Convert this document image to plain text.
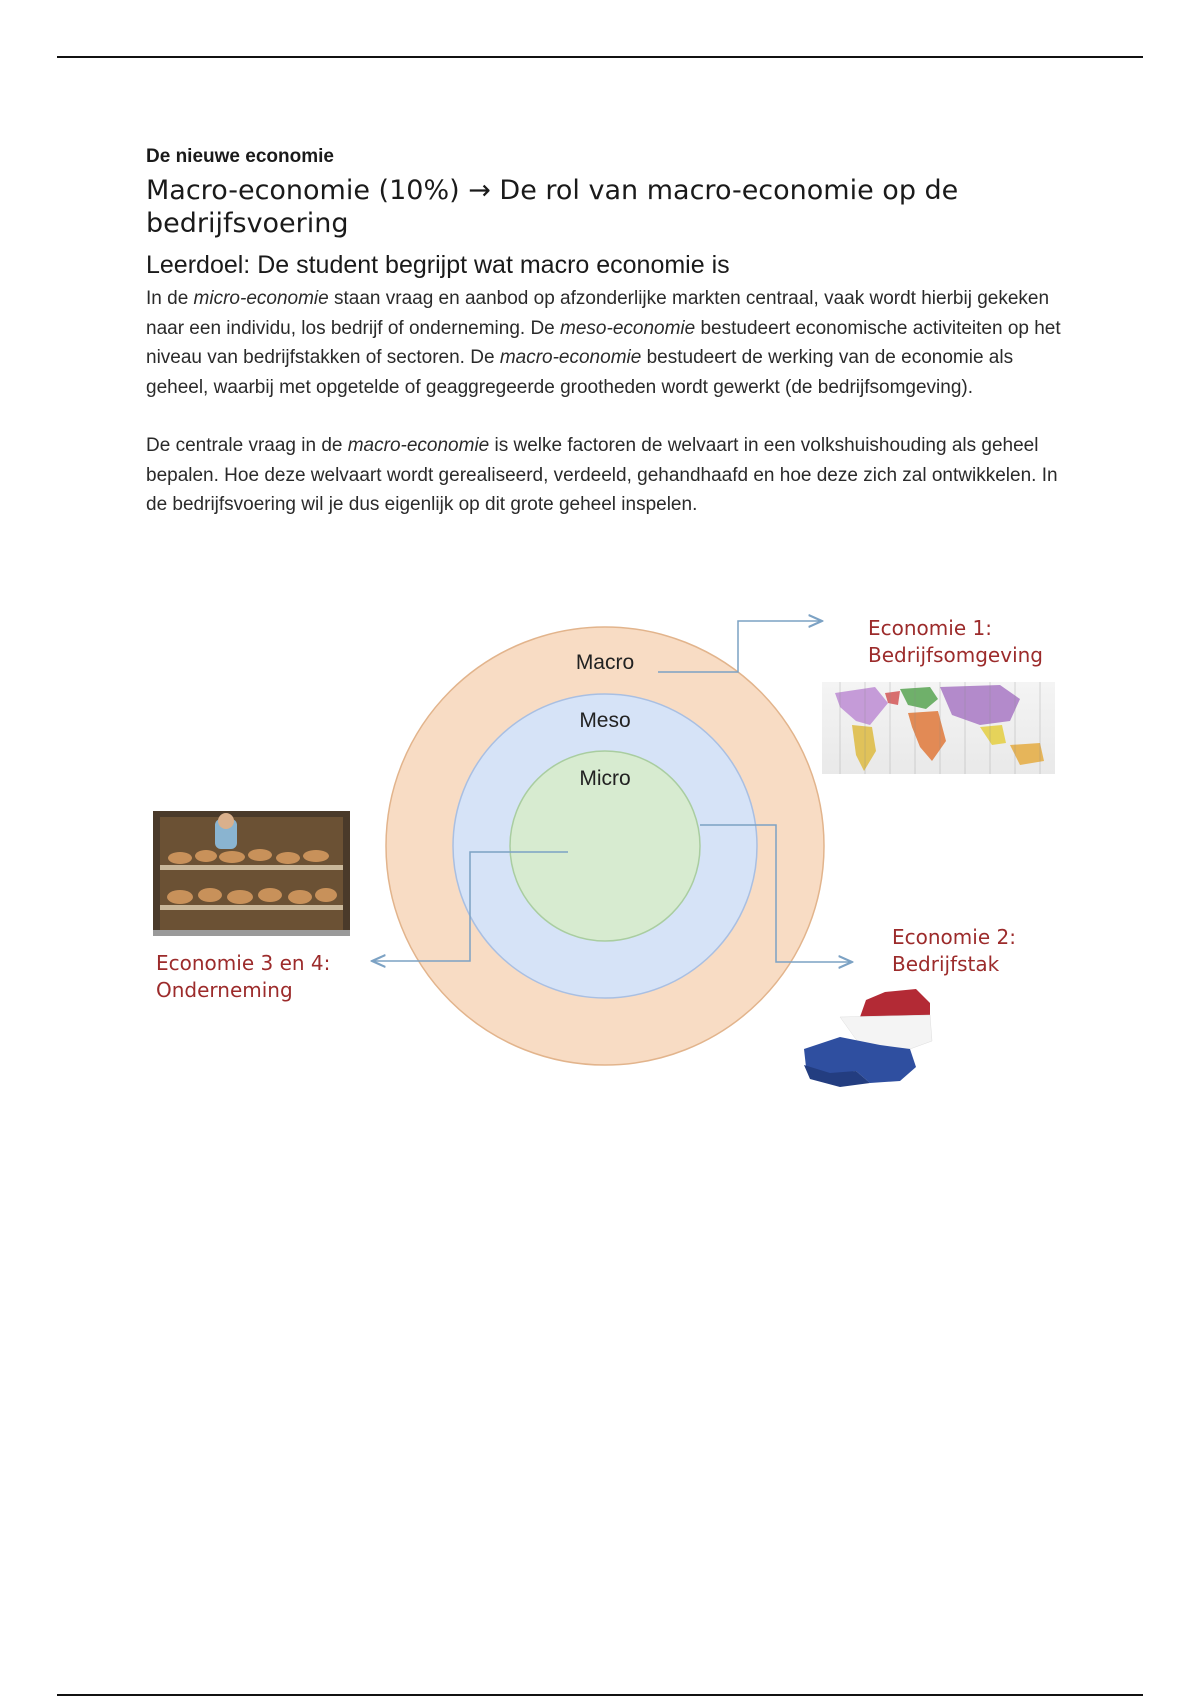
De nieuwe economie
Macro-economie (10%) → De rol van macro-economie op de bedrijfsvoering
Leerdoel: De student begrijpt wat macro economie is

In de micro-economie staan vraag en aanbod op afzonderlijke markten centraal, vaak wordt hierbij gekeken naar een individu, los bedrijf of onderneming. De meso-economie bestudeert economische activiteiten op het niveau van bedrijfstakken of sectoren. De macro-economie bestudeert de werking van de economie als geheel, waarbij met opgetelde of geaggregeerde grootheden wordt gewerkt (de bedrijfsomgeving).

De centrale vraag in de macro-economie is welke factoren de welvaart in een volkshuishouding als geheel bepalen. Hoe deze welvaart wordt gerealiseerd, verdeeld, gehandhaafd en hoe deze zich zal ontwikkelen. In de bedrijfsvoering wil je dus eigenlijk op dit grote geheel inspelen.

Macro
Meso
Micro
Economie 1:
Bedrijfsomgeving
Economie 3 en 4:
Onderneming
Economie 2:
Bedrijfstak
